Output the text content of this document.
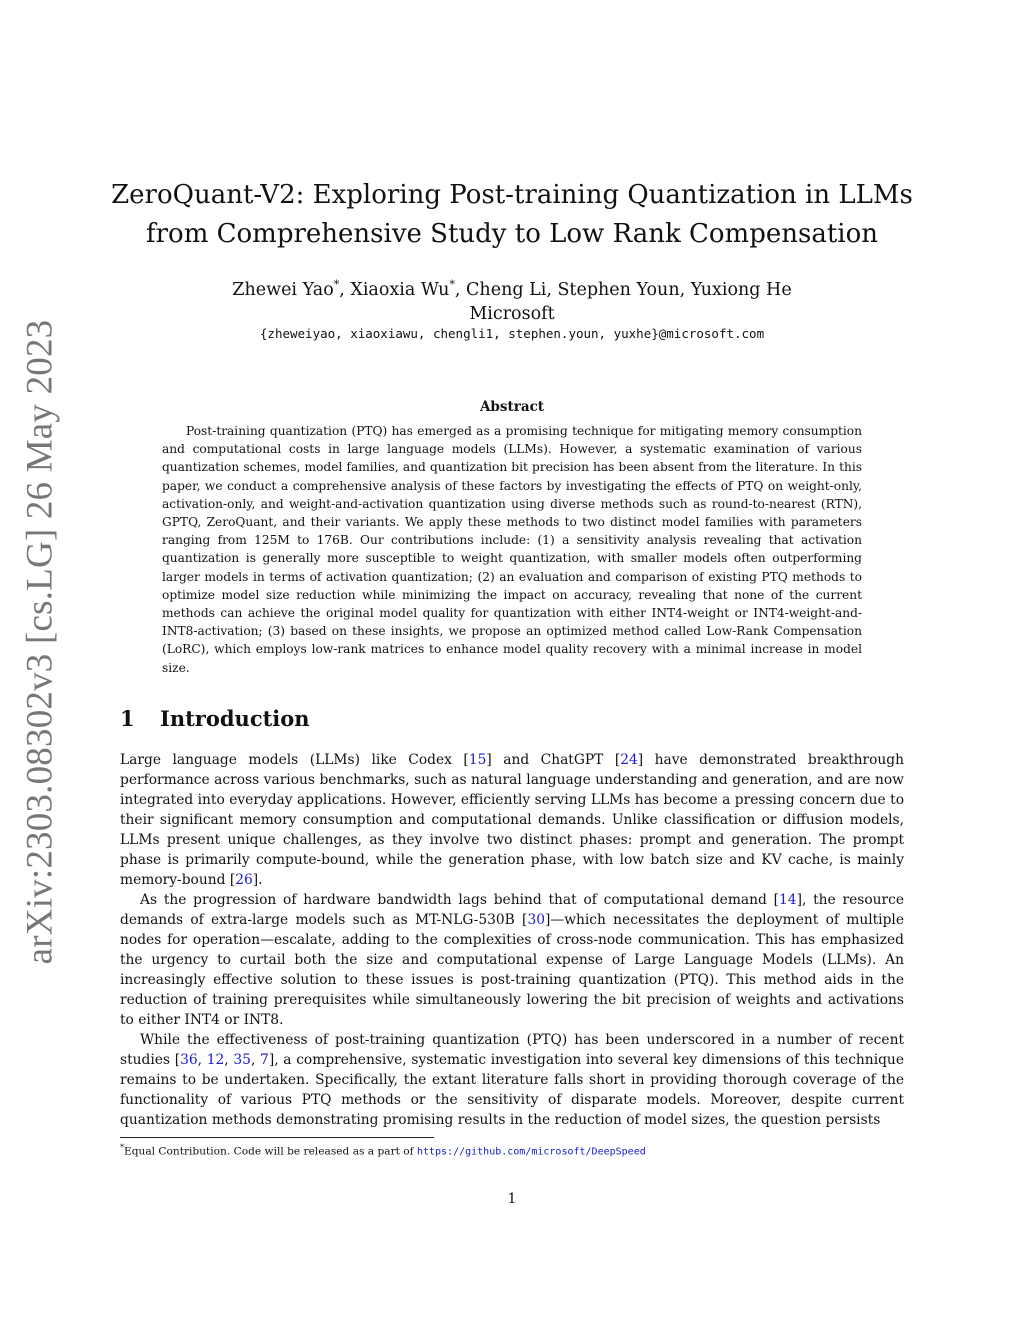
arXiv:2303.08302v3 [cs.LG] 26 May 2023
ZeroQuant-V2: Exploring Post-training Quantization in LLMs
from Comprehensive Study to Low Rank Compensation
Zhewei Yao*, Xiaoxia Wu*, Cheng Li, Stephen Youn, Yuxiong He
Microsoft
{zheweiyao, xiaoxiawu, chengli1, stephen.youn, yuxhe}@microsoft.com
Abstract

Post-training quantization (PTQ) has emerged as a promising technique for mitigating memory consumption and computational costs in large language models (LLMs). However, a systematic examination of various quantization schemes, model families, and quantization bit precision has been absent from the literature. In this paper, we conduct a comprehensive analysis of these factors by investigating the effects of PTQ on weight-only, activation-only, and weight-and-activation quantization using diverse methods such as round-to-nearest (RTN), GPTQ, ZeroQuant, and their variants. We apply these methods to two distinct model families with parameters ranging from 125M to 176B. Our contributions include: (1) a sensitivity analysis revealing that activation quantization is generally more susceptible to weight quantization, with smaller models often outperforming larger models in terms of activation quantization; (2) an evaluation and comparison of existing PTQ methods to optimize model size reduction while minimizing the impact on accuracy, revealing that none of the current methods can achieve the original model quality for quantization with either INT4-weight or INT4-weight-and-INT8-activation; (3) based on these insights, we propose an optimized method called Low-Rank Compensation (LoRC), which employs low-rank matrices to enhance model quality recovery with a minimal increase in model size.

1 Introduction

Large language models (LLMs) like Codex [15] and ChatGPT [24] have demonstrated breakthrough performance across various benchmarks, such as natural language understanding and generation, and are now integrated into everyday applications. However, efficiently serving LLMs has become a pressing concern due to their significant memory consumption and computational demands. Unlike classification or diffusion models, LLMs present unique challenges, as they involve two distinct phases: prompt and generation. The prompt phase is primarily compute-bound, while the generation phase, with low batch size and KV cache, is mainly memory-bound [26].

As the progression of hardware bandwidth lags behind that of computational demand [14], the resource demands of extra-large models such as MT-NLG-530B [30]—which necessitates the deployment of multiple nodes for operation—escalate, adding to the complexities of cross-node communication. This has emphasized the urgency to curtail both the size and computational expense of Large Language Models (LLMs). An increasingly effective solution to these issues is post-training quantization (PTQ). This method aids in the reduction of training prerequisites while simultaneously lowering the bit precision of weights and activations to either INT4 or INT8.

While the effectiveness of post-training quantization (PTQ) has been underscored in a number of recent studies [36, 12, 35, 7], a comprehensive, systematic investigation into several key dimensions of this technique remains to be undertaken. Specifically, the extant literature falls short in providing thorough coverage of the functionality of various PTQ methods or the sensitivity of disparate models. Moreover, despite current quantization methods demonstrating promising results in the reduction of model sizes, the question persists

*Equal Contribution. Code will be released as a part of https://github.com/microsoft/DeepSpeed
1
